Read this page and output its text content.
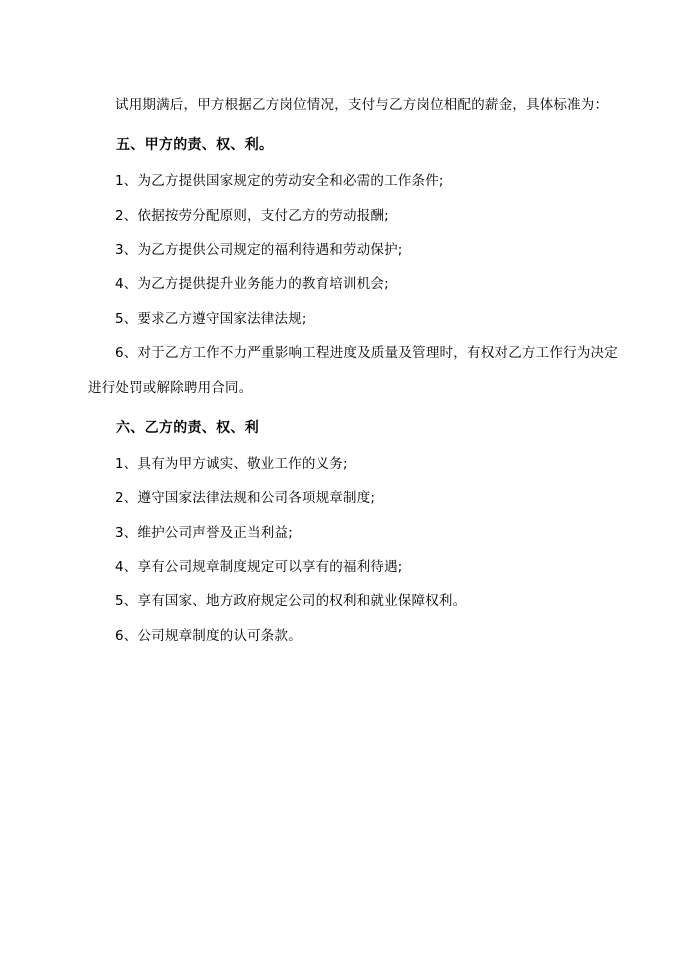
试用期满后，甲方根据乙方岗位情况，支付与乙方岗位相配的薪金，具体标准为：

五、甲方的责、权、利。

1、为乙方提供国家规定的劳动安全和必需的工作条件;

2、依据按劳分配原则，支付乙方的劳动报酬;

3、为乙方提供公司规定的福利待遇和劳动保护;

4、为乙方提供提升业务能力的教育培训机会;

5、要求乙方遵守国家法律法规;

6、对于乙方工作不力严重影响工程进度及质量及管理时，有权对乙方工作行为决定进行处罚或解除聘用合同。

六、乙方的责、权、利

1、具有为甲方诚实、敬业工作的义务;

2、遵守国家法律法规和公司各项规章制度;

3、维护公司声誉及正当利益;

4、享有公司规章制度规定可以享有的福利待遇;

5、享有国家、地方政府规定公司的权利和就业保障权利。

6、公司规章制度的认可条款。
